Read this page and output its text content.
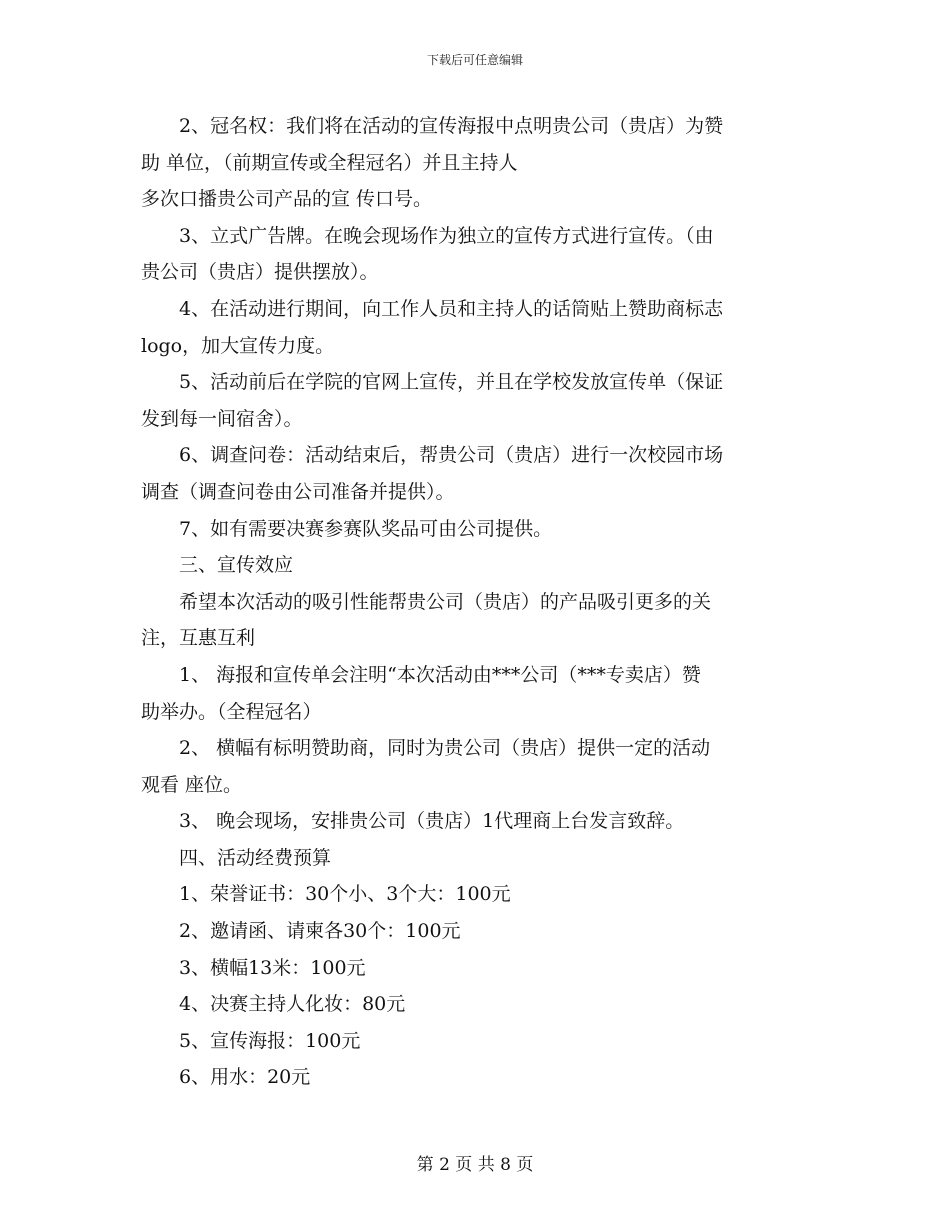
下载后可任意编辑

2、冠名权：我们将在活动的宣传海报中点明贵公司（贵店）为赞

助 单位，（前期宣传或全程冠名）并且主持人

多次口播贵公司产品的宣 传口号。

3、立式广告牌。在晚会现场作为独立的宣传方式进行宣传。（由

贵公司（贵店）提供摆放）。

4、在活动进行期间，向工作人员和主持人的话筒贴上赞助商标志

logo，加大宣传力度。

5、活动前后在学院的官网上宣传，并且在学校发放宣传单（保证

发到每一间宿舍）。

6、调查问卷：活动结束后，帮贵公司（贵店）进行一次校园市场

调查（调查问卷由公司准备并提供）。

7、如有需要决赛参赛队奖品可由公司提供。

三、宣传效应

希望本次活动的吸引性能帮贵公司（贵店）的产品吸引更多的关

注，互惠互利

1、 海报和宣传单会注明“本次活动由***公司（***专卖店）赞

助举办。（全程冠名）

2、 横幅有标明赞助商，同时为贵公司（贵店）提供一定的活动

观看 座位。

3、 晚会现场，安排贵公司（贵店）1代理商上台发言致辞。

四、活动经费预算

1、荣誉证书：30个小、3个大：100元

2、邀请函、请柬各30个：100元

3、横幅13米：100元

4、决赛主持人化妆：80元

5、宣传海报：100元

6、用水：20元

第 2 页 共 8 页
